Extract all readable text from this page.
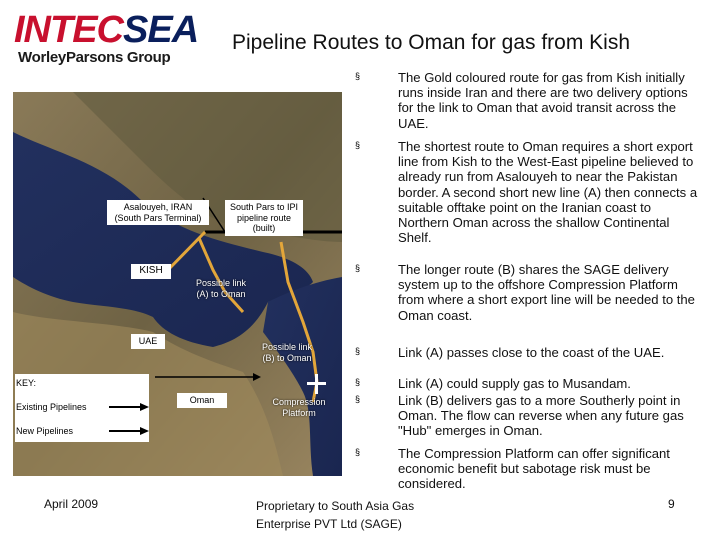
INTECSEA
WorleyParsons Group
Pipeline Routes to Oman for gas from Kish
Asalouyeh, IRAN (South Pars Terminal)
South Pars to IPI pipeline route (built)
KISH
Possible link (A) to Oman
UAE
Possible link (B) to Oman
Oman	Compression Platform
KEY:
Existing Pipelines
New Pipelines
§	The Gold coloured route for gas from Kish initially runs inside Iran and there are two delivery options for the link to Oman that avoid transit across the UAE.
§	The shortest route to Oman requires a short export line from Kish to the West-East pipeline believed to already run from Asalouyeh to near the Pakistan border. A second short new line (A) then connects a suitable offtake point on the Iranian coast to Northern Oman across the shallow Continental Shelf.
§	The longer route (B) shares the SAGE delivery system up to the offshore Compression Platform from where a short export line will be needed to the Oman coast.
§	Link (A) passes close to the coast of the UAE.
§	Link (A) could supply gas to Musandam.
§	Link (B) delivers gas to a more Southerly point in Oman. The flow can reverse when any future gas "Hub" emerges in Oman.
§	The Compression Platform can offer significant economic benefit but sabotage risk must be considered.
April 2009	Proprietary to South Asia Gas
Enterprise PVT Ltd (SAGE)
9
